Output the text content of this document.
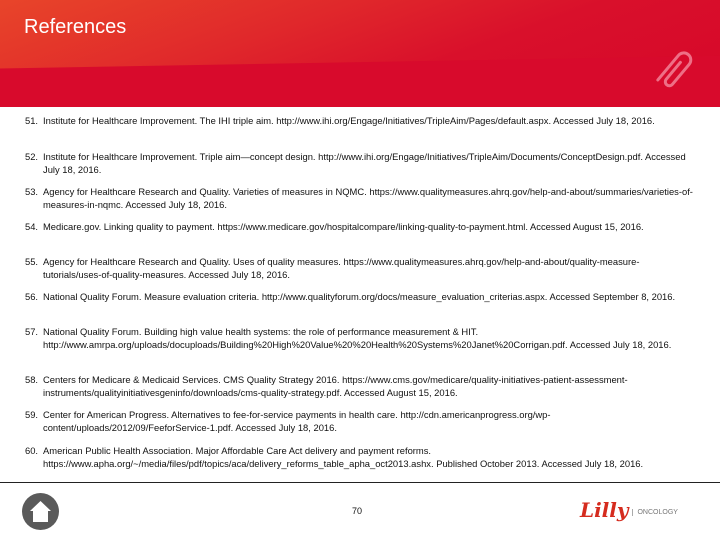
References
51. Institute for Healthcare Improvement. The IHI triple aim. http://www.ihi.org/Engage/Initiatives/TripleAim/Pages/default.aspx. Accessed July 18, 2016.
52. Institute for Healthcare Improvement. Triple aim—concept design. http://www.ihi.org/Engage/Initiatives/TripleAim/Documents/ConceptDesign.pdf. Accessed July 18, 2016.
53. Agency for Healthcare Research and Quality. Varieties of measures in NQMC. https://www.qualitymeasures.ahrq.gov/help-and-about/summaries/varieties-of-measures-in-nqmc. Accessed July 18, 2016.
54. Medicare.gov. Linking quality to payment. https://www.medicare.gov/hospitalcompare/linking-quality-to-payment.html. Accessed August 15, 2016.
55. Agency for Healthcare Research and Quality. Uses of quality measures. https://www.qualitymeasures.ahrq.gov/help-and-about/quality-measure-tutorials/uses-of-quality-measures. Accessed July 18, 2016.
56. National Quality Forum. Measure evaluation criteria. http://www.qualityforum.org/docs/measure_evaluation_criterias.aspx. Accessed September 8, 2016.
57. National Quality Forum. Building high value health systems: the role of performance measurement & HIT. http://www.amrpa.org/uploads/docuploads/Building%20High%20Value%20%20Health%20Systems%20Janet%20Corrigan.pdf. Accessed July 18, 2016.
58. Centers for Medicare & Medicaid Services. CMS Quality Strategy 2016. https://www.cms.gov/medicare/quality-initiatives-patient-assessment-instruments/qualityinitiativesgeninfo/downloads/cms-quality-strategy.pdf. Accessed August 15, 2016.
59. Center for American Progress. Alternatives to fee-for-service payments in health care. http://cdn.americanprogress.org/wp-content/uploads/2012/09/FeeforService-1.pdf. Accessed July 18, 2016.
60. American Public Health Association. Major Affordable Care Act delivery and payment reforms. https://www.apha.org/~/media/files/pdf/topics/aca/delivery_reforms_table_apha_oct2013.ashx. Published October 2013. Accessed July 18, 2016.
70	Lilly ONCOLOGY
